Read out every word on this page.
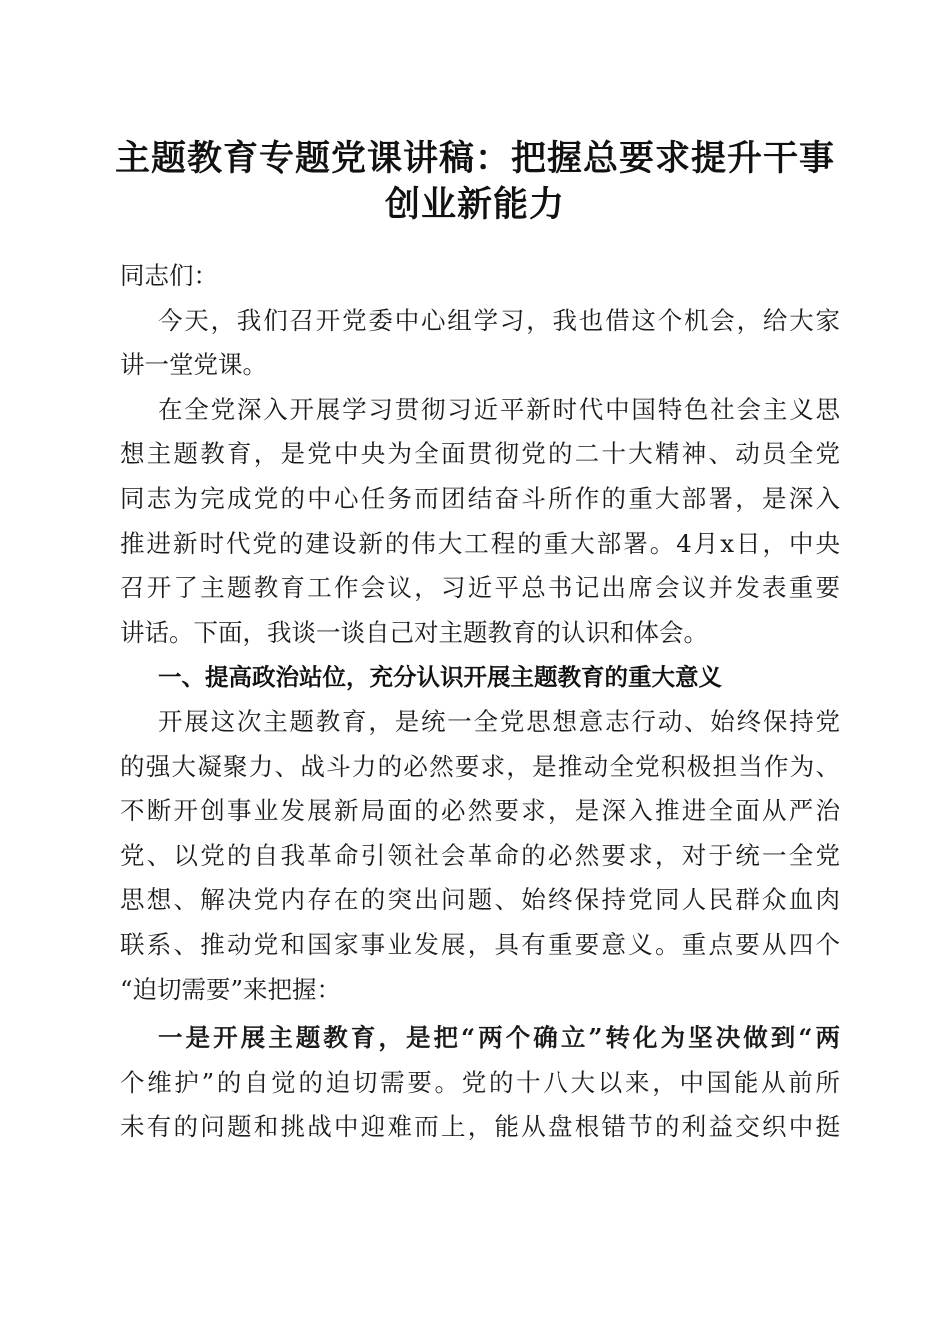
主题教育专题党课讲稿：把握总要求提升干事
创业新能力
同志们：
今天，我们召开党委中心组学习，我也借这个机会，给大家
讲一堂党课。
在全党深入开展学习贯彻习近平新时代中国特色社会主义思
想主题教育，是党中央为全面贯彻党的二十大精神、动员全党
同志为完成党的中心任务而团结奋斗所作的重大部署，是深入
推进新时代党的建设新的伟大工程的重大部署。4月x日，中央
召开了主题教育工作会议，习近平总书记出席会议并发表重要
讲话。下面，我谈一谈自己对主题教育的认识和体会。
一、提高政治站位，充分认识开展主题教育的重大意义
开展这次主题教育，是统一全党思想意志行动、始终保持党
的强大凝聚力、战斗力的必然要求，是推动全党积极担当作为、
不断开创事业发展新局面的必然要求，是深入推进全面从严治
党、以党的自我革命引领社会革命的必然要求，对于统一全党
思想、解决党内存在的突出问题、始终保持党同人民群众血肉
联系、推动党和国家事业发展，具有重要意义。重点要从四个
“迫切需要”来把握：
一是开展主题教育，是把“两个确立”转化为坚决做到“两
个维护”的自觉的迫切需要。党的十八大以来，中国能从前所
未有的问题和挑战中迎难而上，能从盘根错节的利益交织中挺
